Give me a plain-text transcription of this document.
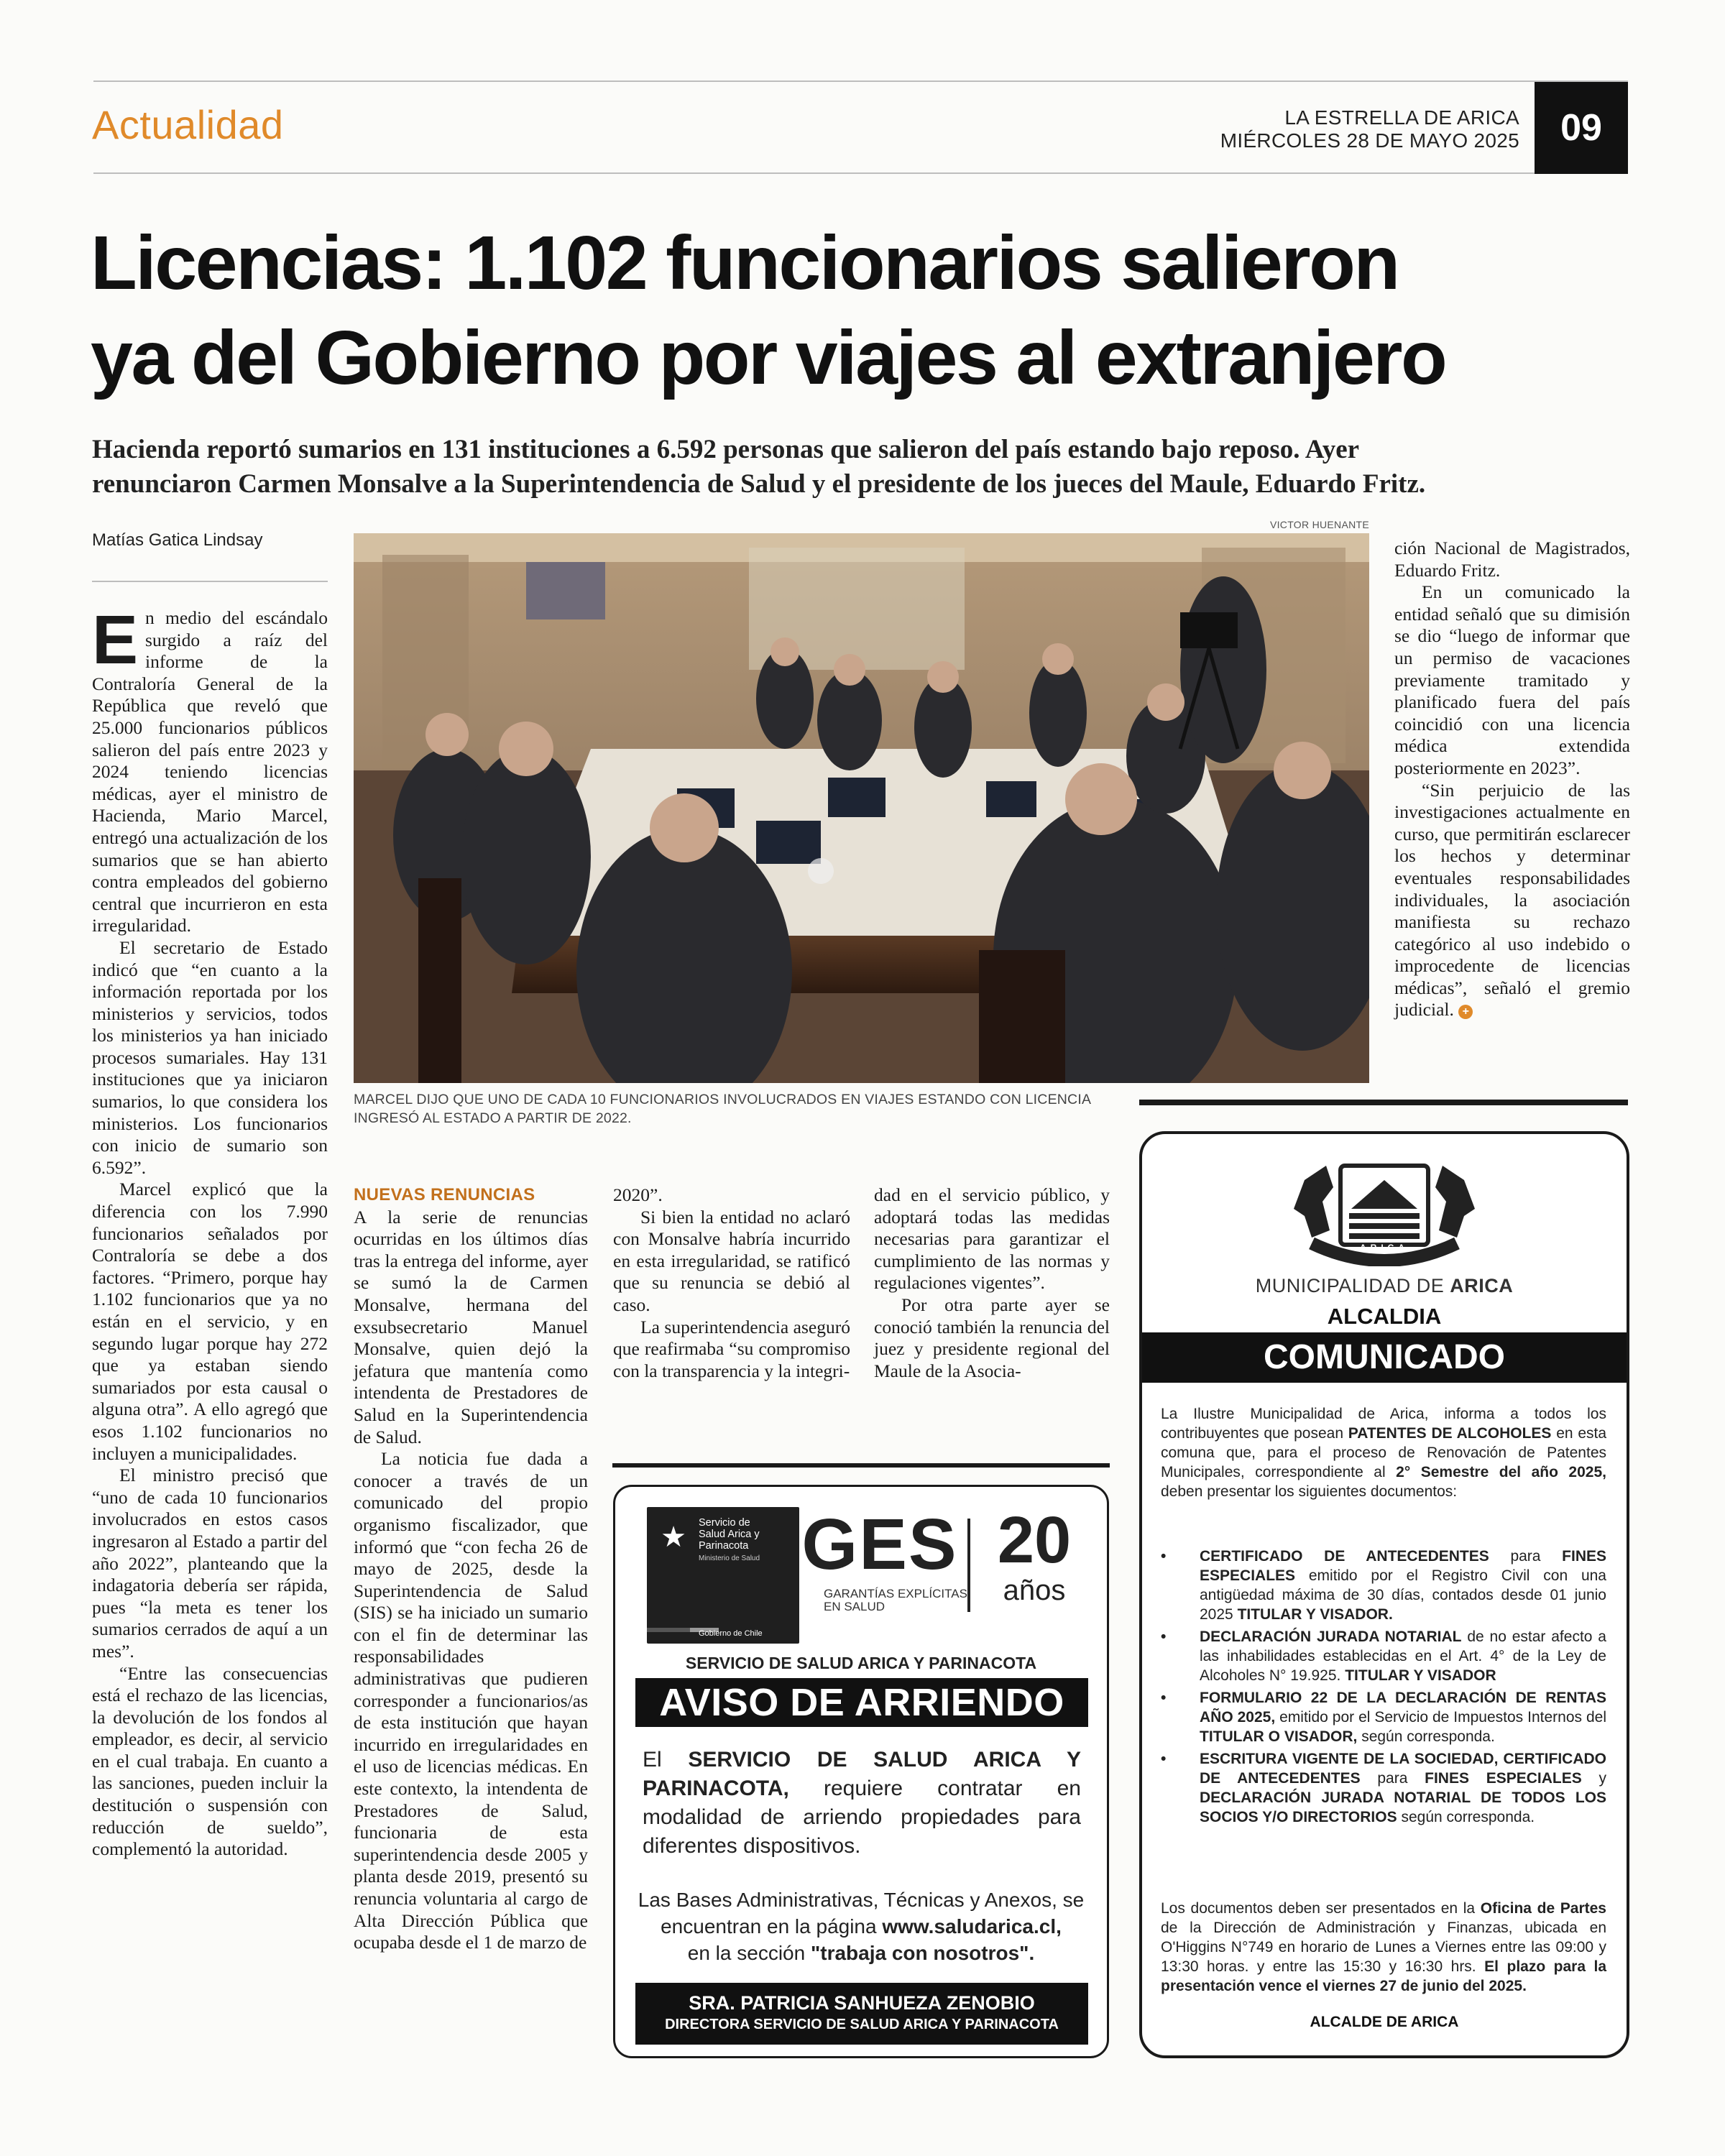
Actualidad	LA ESTRELLA DE ARICA
MIÉRCOLES 28 DE MAYO 2025	09
Licencias: 1.102 funcionarios salieron
ya del Gobierno por viajes al extranjero
Hacienda reportó sumarios en 131 instituciones a 6.592 personas que salieron del país estando bajo reposo. Ayer
renunciaron Carmen Monsalve a la Superintendencia de Salud y el presidente de los jueces del Maule, Eduardo Fritz.
Matías Gatica Lindsay
VICTOR HUENANTE
MARCEL DIJO QUE UNO DE CADA 10 FUNCIONARIOS INVOLUCRADOS EN VIAJES ESTANDO CON LICENCIA
INGRESÓ AL ESTADO A PARTIR DE 2022.

En medio del escándalo surgido a raíz del informe de la Contraloría General de la República que reveló que 25.000 funcionarios públicos salieron del país entre 2023 y 2024 teniendo licencias médicas, ayer el ministro de Hacienda, Mario Marcel, entregó una actualización de los sumarios que se han abierto contra empleados del gobierno central que incurrieron en esta irregularidad.

El secretario de Estado indicó que “en cuanto a la información reportada por los ministerios y servicios, todos los ministerios ya han iniciado procesos sumariales. Hay 131 instituciones que ya iniciaron sumarios, lo que considera los ministerios. Los funcionarios con inicio de sumario son 6.592”.

Marcel explicó que la diferencia con los 7.990 funcionarios señalados por Contraloría se debe a dos factores. “Primero, porque hay 1.102 funcionarios que ya no están en el servicio, y en segundo lugar porque hay 272 que ya estaban siendo sumariados por esta causal o alguna otra”. A ello agregó que esos 1.102 funcionarios no incluyen a municipalidades.

El ministro precisó que “uno de cada 10 funcionarios involucrados en estos casos ingresaron al Estado a partir del año 2022”, planteando que la indagatoria debería ser rápida, pues “la meta es tener los sumarios cerrados de aquí a un mes”.

“Entre las consecuencias está el rechazo de las licencias, la devolución de los fondos al empleador, es decir, al servicio en el cual trabaja. En cuanto a las sanciones, pueden incluir la destitución o suspensión con reducción de sueldo”, complementó la autoridad.

NUEVAS RENUNCIAS

A la serie de renuncias ocurridas en los últimos días tras la entrega del informe, ayer se sumó la de Carmen Monsalve, hermana del exsubsecretario Manuel Monsalve, quien dejó la jefatura que mantenía como intendenta de Prestadores de Salud en la Superintendencia de Salud.

La noticia fue dada a conocer a través de un comunicado del propio organismo fiscalizador, que informó que “con fecha 26 de mayo de 2025, desde la Superintendencia de Salud (SIS) se ha iniciado un sumario con el fin de determinar las responsabilidades administrativas que pudieren corresponder a funcionarios/as de esta institución que hayan incurrido en irregularidades en el uso de licencias médicas. En este contexto, la intendenta de Prestadores de Salud, funcionaria de esta superintendencia desde 2005 y planta desde 2019, presentó su renuncia voluntaria al cargo de Alta Dirección Pública que ocupaba desde el 1 de marzo de

2020”.

Si bien la entidad no aclaró con Monsalve habría incurrido en esta irregularidad, se ratificó que su renuncia se debió al caso.

La superintendencia aseguró que reafirmaba “su compromiso con la transparencia y la integri-

dad en el servicio público, y adoptará todas las medidas necesarias para garantizar el cumplimiento de las normas y regulaciones vigentes”.

Por otra parte ayer se conoció también la renuncia del juez y presidente regional del Maule de la Asocia-

ción Nacional de Magistrados, Eduardo Fritz.

En un comunicado la entidad señaló que su dimisión se dio “luego de informar que un permiso de vacaciones previamente tramitado y planificado fuera del país coincidió con una licencia médica extendida posteriormente en 2023”.

“Sin perjuicio de las investigaciones actualmente en curso, que permitirán esclarecer los hechos y determinar eventuales responsabilidades individuales, la asociación manifiesta su rechazo categórico al uso indebido o improcedente de licencias médicas”, señaló el gremio judicial. +

★	Servicio de
Salud Arica y
Parinacota
Ministerio de Salud
Gobierno de Chile
GES
GARANTÍAS EXPLÍCITAS
EN SALUD
20
años
SERVICIO DE SALUD ARICA Y PARINACOTA
AVISO DE ARRIENDO
El SERVICIO DE SALUD ARICA Y PARINACOTA, requiere contratar en modalidad de arriendo propiedades para diferentes dispositivos.
Las Bases Administrativas, Técnicas y Anexos, se
encuentran en la página www.saludarica.cl,
en la sección "trabaja con nosotros".
SRA. PATRICIA SANHUEZA ZENOBIO
DIRECTORA SERVICIO DE SALUD ARICA Y PARINACOTA
ARICA
MUNICIPALIDAD DE ARICA
ALCALDIA
COMUNICADO
La Ilustre Municipalidad de Arica, informa a todos los contribuyentes que posean PATENTES DE ALCOHOLES en esta comuna que, para el proceso de Renovación de Patentes Municipales, correspondiente al 2° Semestre del año 2025, deben presentar los siguientes documentos:
• CERTIFICADO DE ANTECEDENTES para FINES ESPECIALES emitido por el Registro Civil con una antigüedad máxima de 30 días, contados desde 01 junio 2025 TITULAR Y VISADOR.
• DECLARACIÓN JURADA NOTARIAL de no estar afecto a las inhabilidades establecidas en el Art. 4° de la Ley de Alcoholes N° 19.925. TITULAR Y VISADOR
• FORMULARIO 22 DE LA DECLARACIÓN DE RENTAS AÑO 2025, emitido por el Servicio de Impuestos Internos del TITULAR O VISADOR, según corresponda.
• ESCRITURA VIGENTE DE LA SOCIEDAD, CERTIFICADO DE ANTECEDENTES para FINES ESPECIALES y DECLARACIÓN JURADA NOTARIAL DE TODOS LOS SOCIOS Y/O DIRECTORIOS según corresponda.
Los documentos deben ser presentados en la Oficina de Partes de la Dirección de Administración y Finanzas, ubicada en O'Higgins N°749 en horario de Lunes a Viernes entre las 09:00 y 13:30 horas. y entre las 15:30 y 16:30 hrs. El plazo para la presentación vence el viernes 27 de junio del 2025.
ALCALDE DE ARICA
